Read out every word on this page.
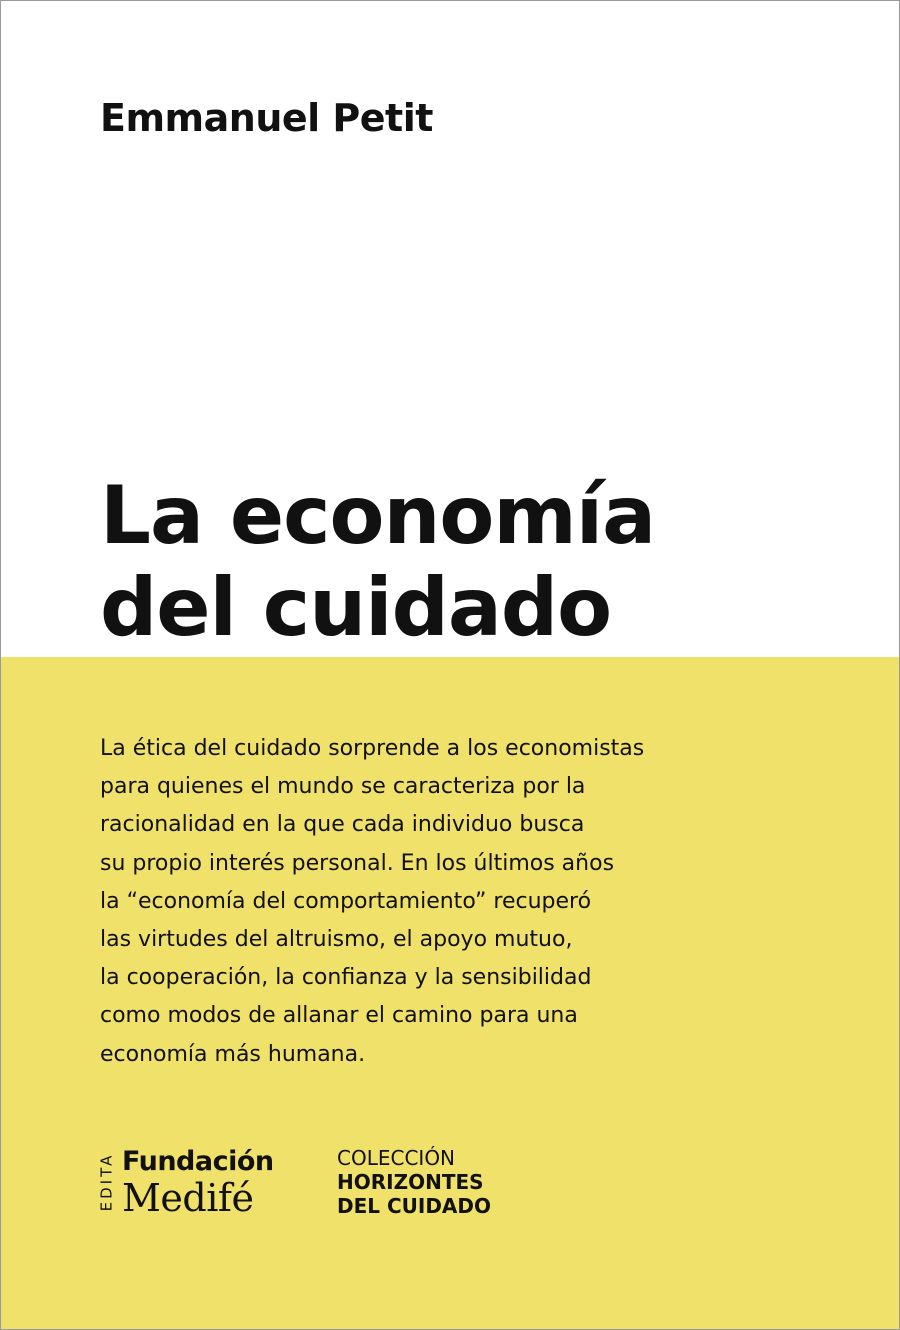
Emmanuel Petit
La economía
del cuidado
La ética del cuidado sorprende a los economistas
para quienes el mundo se caracteriza por la
racionalidad en la que cada individuo busca
su propio interés personal. En los últimos años
la “economía del comportamiento” recuperó
las virtudes del altruismo, el apoyo mutuo,
la cooperación, la confianza y la sensibilidad
como modos de allanar el camino para una
economía más humana.
EDITA Fundación
Medifé
COLECCIÓN
HORIZONTES
DEL CUIDADO
